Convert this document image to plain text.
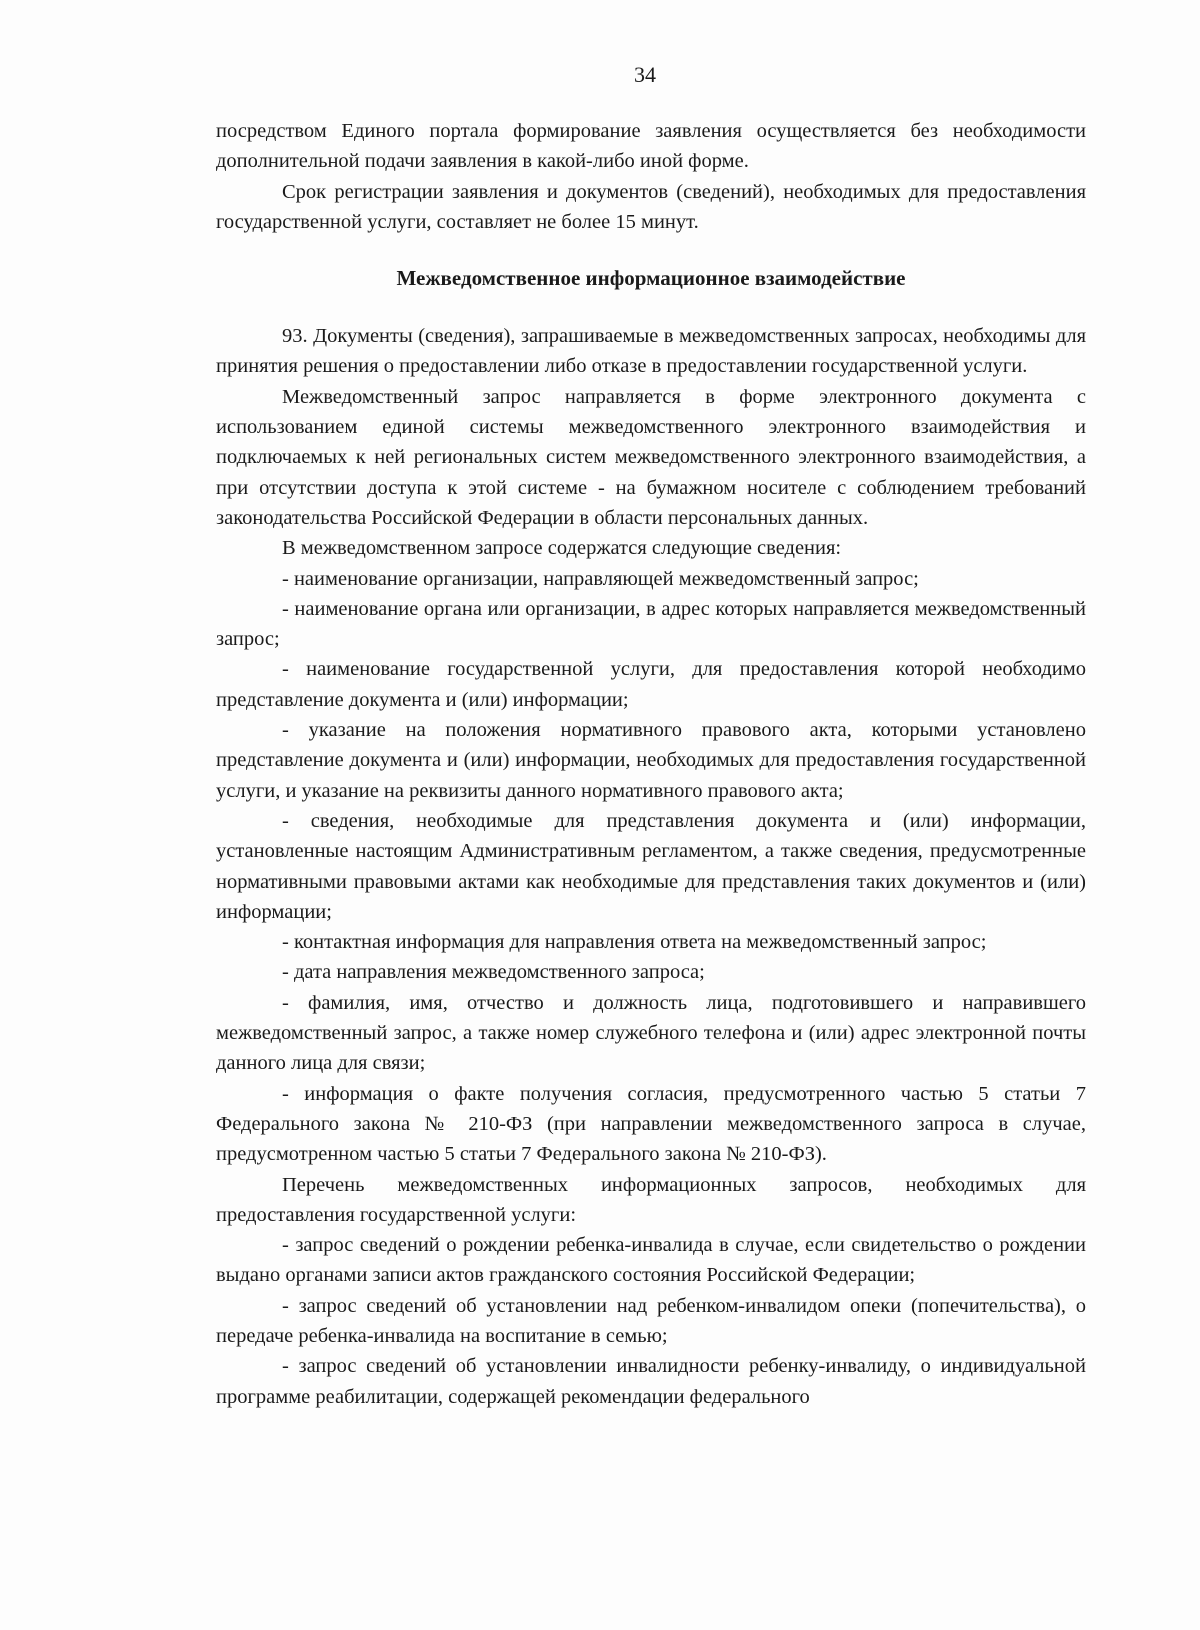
34

посредством Единого портала формирование заявления осуществляется без необходимости дополнительной подачи заявления в какой-либо иной форме.

Срок регистрации заявления и документов (сведений), необходимых для предоставления государственной услуги, составляет не более 15 минут.

Межведомственное информационное взаимодействие

93. Документы (сведения), запрашиваемые в межведомственных запросах, необходимы для принятия решения о предоставлении либо отказе в предоставлении государственной услуги.

Межведомственный запрос направляется в форме электронного документа с использованием единой системы межведомственного электронного взаимодействия и подключаемых к ней региональных систем межведомственного электронного взаимодействия, а при отсутствии доступа к этой системе - на бумажном носителе с соблюдением требований законодательства Российской Федерации в области персональных данных.

В межведомственном запросе содержатся следующие сведения:

- наименование организации, направляющей межведомственный запрос;

- наименование органа или организации, в адрес которых направляется межведомственный запрос;

- наименование государственной услуги, для предоставления которой необходимо представление документа и (или) информации;

- указание на положения нормативного правового акта, которыми установлено представление документа и (или) информации, необходимых для предоставления государственной услуги, и указание на реквизиты данного нормативного правового акта;

- сведения, необходимые для представления документа и (или) информации, установленные настоящим Административным регламентом, а также сведения, предусмотренные нормативными правовыми актами как необходимые для представления таких документов и (или) информации;

- контактная информация для направления ответа на межведомственный запрос;

- дата направления межведомственного запроса;

- фамилия, имя, отчество и должность лица, подготовившего и направившего межведомственный запрос, а также номер служебного телефона и (или) адрес электронной почты данного лица для связи;

- информация о факте получения согласия, предусмотренного частью 5 статьи 7 Федерального закона № 210-ФЗ (при направлении межведомственного запроса в случае, предусмотренном частью 5 статьи 7 Федерального закона № 210-ФЗ).

Перечень межведомственных информационных запросов, необходимых для предоставления государственной услуги:

- запрос сведений о рождении ребенка-инвалида в случае, если свидетельство о рождении выдано органами записи актов гражданского состояния Российской Федерации;

- запрос сведений об установлении над ребенком-инвалидом опеки (попечительства), о передаче ребенка-инвалида на воспитание в семью;

- запрос сведений об установлении инвалидности ребенку-инвалиду, о индивидуальной программе реабилитации, содержащей рекомендации федерального
